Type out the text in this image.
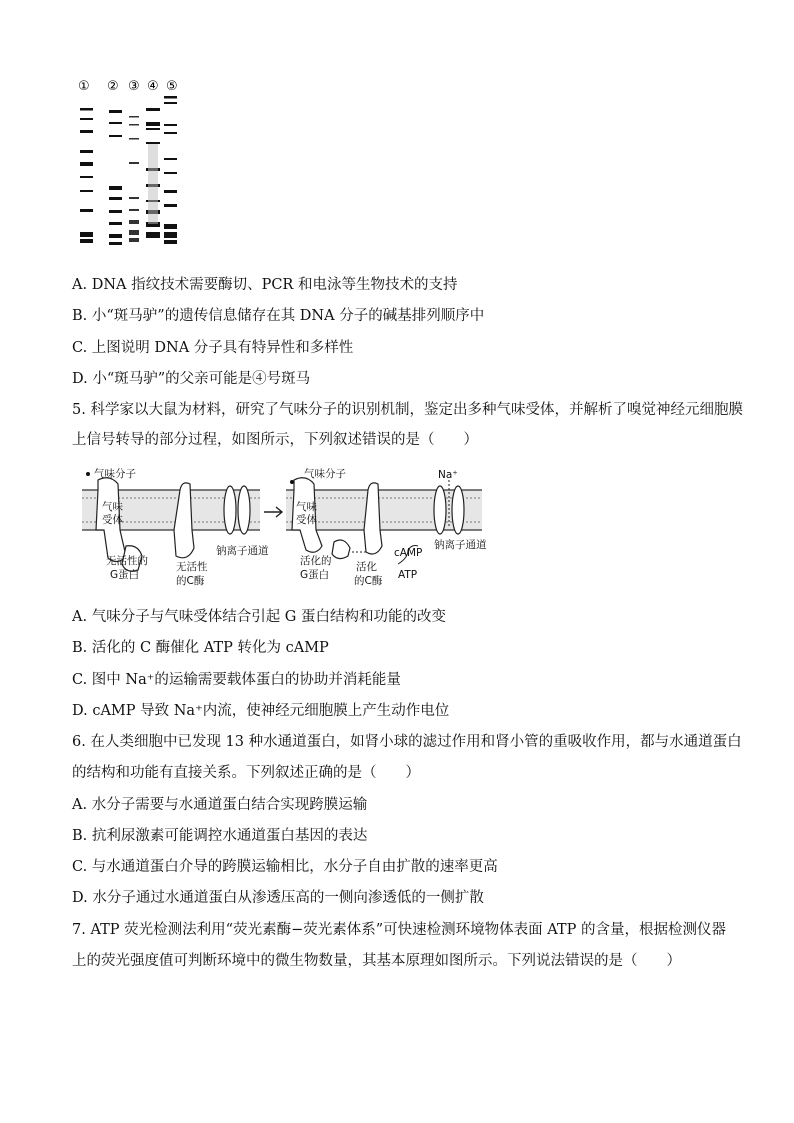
① ② ③ ④ ⑤
A. DNA 指纹技术需要酶切、PCR 和电泳等生物技术的支持
B. 小“斑马驴”的遗传信息储存在其 DNA 分子的碱基排列顺序中
C. 上图说明 DNA 分子具有特异性和多样性
D. 小“斑马驴”的父亲可能是④号斑马
5. 科学家以大鼠为材料，研究了气味分子的识别机制，鉴定出多种气味受体，并解析了嗅觉神经元细胞膜
上信号转导的部分过程，如图所示，下列叙述错误的是（　　）
气味分子
气味
受体
无活性的
G蛋白
无活性
的C酶
钠离子通道
气味分子
气味
受体
活化的
G蛋白
活化
的C酶
Na⁺
cAMP
ATP
钠离子通道
A. 气味分子与气味受体结合引起 G 蛋白结构和功能的改变
B. 活化的 C 酶催化 ATP 转化为 cAMP
C. 图中 Na⁺的运输需要载体蛋白的协助并消耗能量
D. cAMP 导致 Na⁺内流，使神经元细胞膜上产生动作电位
6. 在人类细胞中已发现 13 种水通道蛋白，如肾小球的滤过作用和肾小管的重吸收作用，都与水通道蛋白
的结构和功能有直接关系。下列叙述正确的是（　　）
A. 水分子需要与水通道蛋白结合实现跨膜运输
B. 抗利尿激素可能调控水通道蛋白基因的表达
C. 与水通道蛋白介导的跨膜运输相比，水分子自由扩散的速率更高
D. 水分子通过水通道蛋白从渗透压高的一侧向渗透低的一侧扩散
7. ATP 荧光检测法利用“荧光素酶−荧光素体系”可快速检测环境物体表面 ATP 的含量，根据检测仪器
上的荧光强度值可判断环境中的微生物数量，其基本原理如图所示。下列说法错误的是（　　）
